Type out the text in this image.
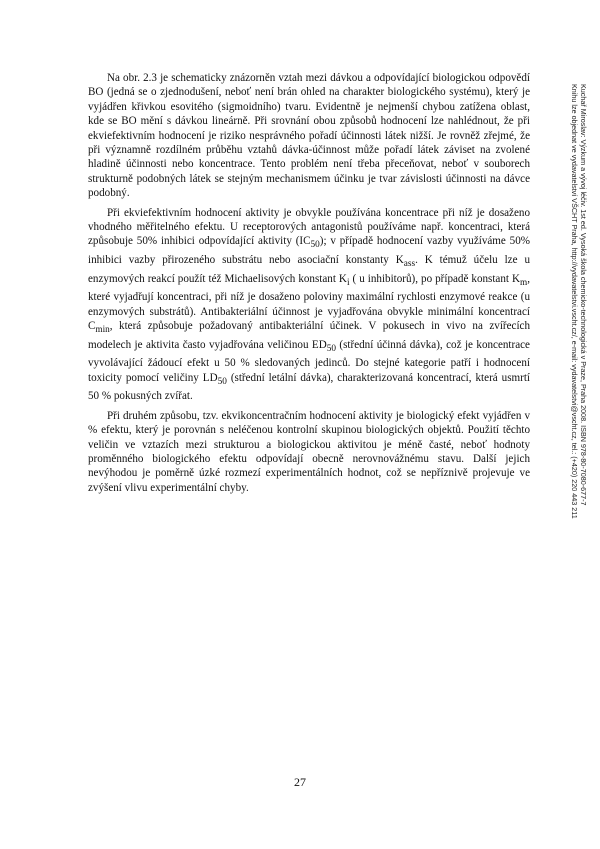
Na obr. 2.3 je schematicky znázorněn vztah mezi dávkou a odpovídající biologickou odpovědí BO (jedná se o zjednodušení, neboť není brán ohled na charakter biologického systému), který je vyjádřen křivkou esovitého (sigmoidního) tvaru. Evidentně je nejmenší chybou zatížena oblast, kde se BO mění s dávkou lineárně. Při srovnání obou způsobů hodnocení lze nahlédnout, že při ekviefektivním hodnocení je riziko nesprávného pořadí účinnosti látek nižší. Je rovněž zřejmé, že při významně rozdílném průběhu vztahů dávka-účinnost může pořadí látek záviset na zvolené hladině účinnosti nebo koncentrace. Tento problém není třeba přeceňovat, neboť v souborech strukturně podobných látek se stejným mechanismem účinku je tvar závislosti účinnosti na dávce podobný.

Při ekviefektivním hodnocení aktivity je obvykle používána koncentrace při níž je dosaženo vhodného měřitelného efektu. U receptorových antagonistů používáme např. koncentraci, která způsobuje 50% inhibici odpovídající aktivity $(IC_{50})$; v případě hodnocení vazby využíváme 50% inhibici vazby přirozeného substrátu nebo asociační konstanty $K_{ass}$. K témuž účelu lze u enzymových reakcí použít též Michaelisových konstant $K_i$ ( u inhibitorů), po případě konstant $K_m$, které vyjadřují koncentraci, při níž je dosaženo poloviny maximální rychlosti enzymové reakce (u enzymových substrátů). Antibakteriální účinnost je vyjadřována obvykle minimální koncentrací $C_{min}$, která způsobuje požadovaný antibakteriální účinek. V pokusech in vivo na zvířecích modelech je aktivita často vyjadřována veličinou $ED_{50}$ (střední účinná dávka), což je koncentrace vyvolávající žádoucí efekt u 50 % sledovaných jedinců. Do stejné kategorie patří i hodnocení toxicity pomocí veličiny $LD_{50}$ (střední letální dávka), charakterizovaná koncentrací, která usmrtí 50 % pokusných zvířat.

Při druhém způsobu, tzv. ekvikoncentračním hodnocení aktivity je biologický efekt vyjádřen v % efektu, který je porovnán s neléčenou kontrolní skupinou biologických objektů. Použití těchto veličin ve vztazích mezi strukturou a biologickou aktivitou je méně časté, neboť hodnoty proměnného biologického efektu odpovídají obecně nerovnovážnému stavu. Další jejich nevýhodou je poměrně úzké rozmezí experimentálních hodnot, což se nepříznivě projevuje ve zvýšení vlivu experimentální chyby.

27
Kuchař Miroslav: Výzkum a vývoj léčiv. 1st ed. Vysoká škola chemicko-technologická v Praze, Praha 2008. ISBN 978-80-7080-677-7
Knihu lze objednat ve vydavatelství VŠCHT Praha, http://vydavatelstvi.vscht.cz/, e-mail: vydavatelstvi@vscht.cz, tel.: (+420) 220 443 211
